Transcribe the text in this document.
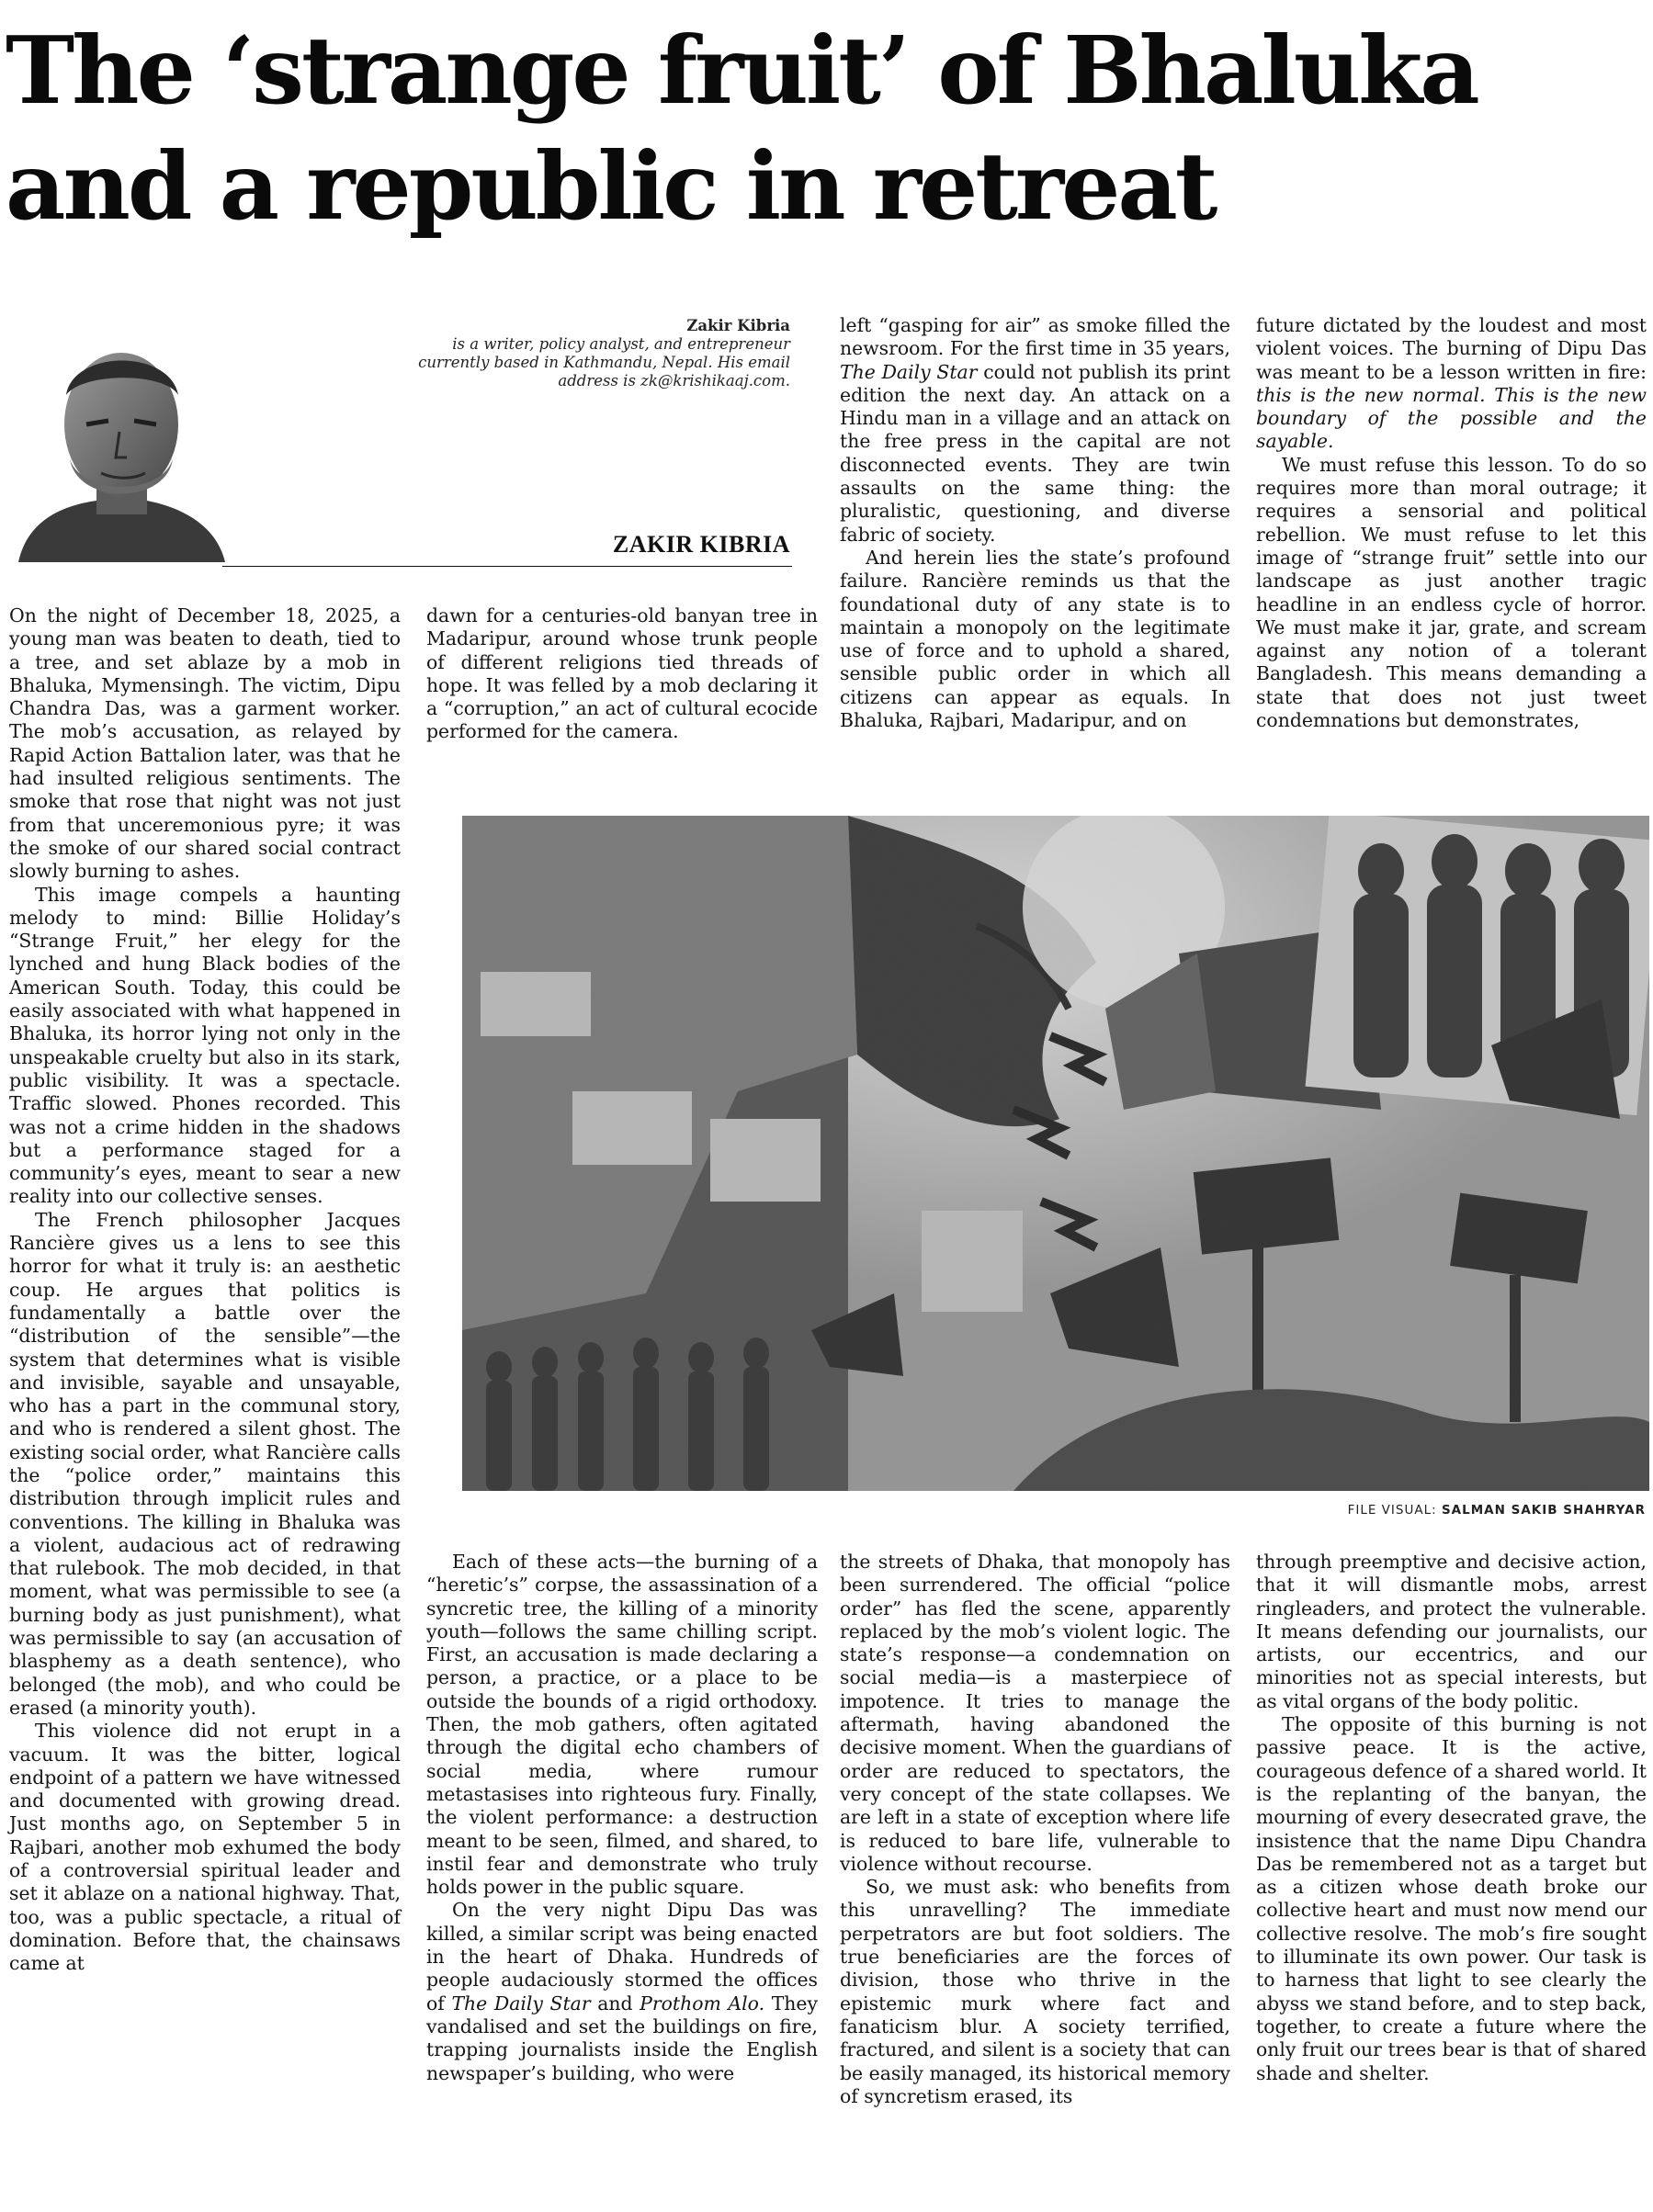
The ‘strange fruit’ of Bhaluka
and a republic in retreat
Zakir Kibria
is a writer, policy analyst, and entrepreneur currently based in Kathmandu, Nepal. His email address is zk@krishikaaj.com.
ZAKIR KIBRIA

On the night of December 18, 2025, a young man was beaten to death, tied to a tree, and set ablaze by a mob in Bhaluka, Mymensingh. The victim, Dipu Chandra Das, was a garment worker. The mob’s accusation, as relayed by Rapid Action Battalion later, was that he had insulted religious sentiments. The smoke that rose that night was not just from that unceremonious pyre; it was the smoke of our shared social contract slowly burning to ashes.

This image compels a haunting melody to mind: Billie Holiday’s “Strange Fruit,” her elegy for the lynched and hung Black bodies of the American South. Today, this could be easily associated with what happened in Bhaluka, its horror lying not only in the unspeakable cruelty but also in its stark, public visibility. It was a spectacle. Traffic slowed. Phones recorded. This was not a crime hidden in the shadows but a performance staged for a community’s eyes, meant to sear a new reality into our collective senses.

The French philosopher Jacques Rancière gives us a lens to see this horror for what it truly is: an aesthetic coup. He argues that politics is fundamentally a battle over the “distribution of the sensible”—the system that determines what is visible and invisible, sayable and unsayable, who has a part in the communal story, and who is rendered a silent ghost. The existing social order, what Rancière calls the “police order,” maintains this distribution through implicit rules and conventions. The killing in Bhaluka was a violent, audacious act of redrawing that rulebook. The mob decided, in that moment, what was permissible to see (a burning body as just punishment), what was permissible to say (an accusation of blasphemy as a death sentence), who belonged (the mob), and who could be erased (a minority youth).

This violence did not erupt in a vacuum. It was the bitter, logical endpoint of a pattern we have witnessed and documented with growing dread. Just months ago, on September 5 in Rajbari, another mob exhumed the body of a controversial spiritual leader and set it ablaze on a national highway. That, too, was a public spectacle, a ritual of domination. Before that, the chainsaws came at

dawn for a centuries-old banyan tree in Madaripur, around whose trunk people of different religions tied threads of hope. It was felled by a mob declaring it a “corruption,” an act of cultural ecocide performed for the camera.

left “gasping for air” as smoke filled the newsroom. For the first time in 35 years, The Daily Star could not publish its print edition the next day. An attack on a Hindu man in a village and an attack on the free press in the capital are not disconnected events. They are twin assaults on the same thing: the pluralistic, questioning, and diverse fabric of society.

And herein lies the state’s profound failure. Rancière reminds us that the foundational duty of any state is to maintain a monopoly on the legitimate use of force and to uphold a shared, sensible public order in which all citizens can appear as equals. In Bhaluka, Rajbari, Madaripur, and on

future dictated by the loudest and most violent voices. The burning of Dipu Das was meant to be a lesson written in fire: this is the new normal. This is the new boundary of the possible and the sayable.

We must refuse this lesson. To do so requires more than moral outrage; it requires a sensorial and political rebellion. We must refuse to let this image of “strange fruit” settle into our landscape as just another tragic headline in an endless cycle of horror. We must make it jar, grate, and scream against any notion of a tolerant Bangladesh. This means demanding a state that does not just tweet condemnations but demonstrates,

FILE VISUAL: SALMAN SAKIB SHAHRYAR

Each of these acts—the burning of a “heretic’s” corpse, the assassination of a syncretic tree, the killing of a minority youth—follows the same chilling script. First, an accusation is made declaring a person, a practice, or a place to be outside the bounds of a rigid orthodoxy. Then, the mob gathers, often agitated through the digital echo chambers of social media, where rumour metastasises into righteous fury. Finally, the violent performance: a destruction meant to be seen, filmed, and shared, to instil fear and demonstrate who truly holds power in the public square.

On the very night Dipu Das was killed, a similar script was being enacted in the heart of Dhaka. Hundreds of people audaciously stormed the offices of The Daily Star and Prothom Alo. They vandalised and set the buildings on fire, trapping journalists inside the English newspaper’s building, who were

the streets of Dhaka, that monopoly has been surrendered. The official “police order” has fled the scene, apparently replaced by the mob’s violent logic. The state’s response—a condemnation on social media—is a masterpiece of impotence. It tries to manage the aftermath, having abandoned the decisive moment. When the guardians of order are reduced to spectators, the very concept of the state collapses. We are left in a state of exception where life is reduced to bare life, vulnerable to violence without recourse.

So, we must ask: who benefits from this unravelling? The immediate perpetrators are but foot soldiers. The true beneficiaries are the forces of division, those who thrive in the epistemic murk where fact and fanaticism blur. A society terrified, fractured, and silent is a society that can be easily managed, its historical memory of syncretism erased, its

through preemptive and decisive action, that it will dismantle mobs, arrest ringleaders, and protect the vulnerable. It means defending our journalists, our artists, our eccentrics, and our minorities not as special interests, but as vital organs of the body politic.

The opposite of this burning is not passive peace. It is the active, courageous defence of a shared world. It is the replanting of the banyan, the mourning of every desecrated grave, the insistence that the name Dipu Chandra Das be remembered not as a target but as a citizen whose death broke our collective heart and must now mend our collective resolve. The mob’s fire sought to illuminate its own power. Our task is to harness that light to see clearly the abyss we stand before, and to step back, together, to create a future where the only fruit our trees bear is that of shared shade and shelter.
